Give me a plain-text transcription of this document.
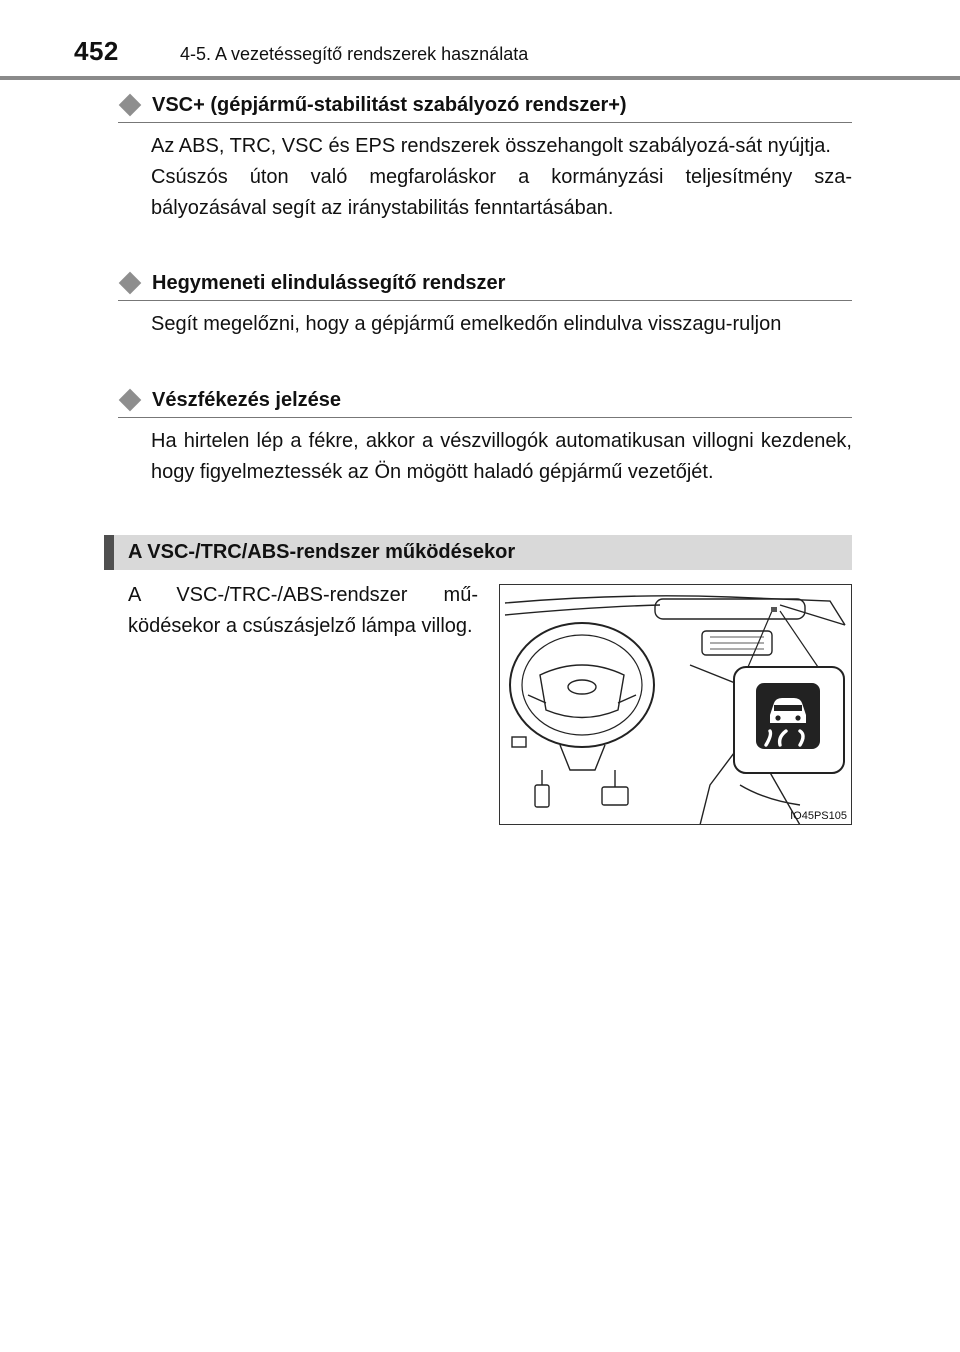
452	4-5. A vezetéssegítő rendszerek használata
VSC+ (gépjármű-stabilitást szabályozó rendszer+)

Az ABS, TRC, VSC és EPS rendszerek összehangolt szabályozá-sát nyújtja.

Csúszós úton való megfaroláskor a kormányzási teljesítmény sza-bályozásával segít az iránystabilitás fenntartásában.

Hegymeneti elindulássegítő rendszer

Segít megelőzni, hogy a gépjármű emelkedőn elindulva visszagu-ruljon

Vészfékezés jelzése

Ha hirtelen lép a fékre, akkor a vészvillogók automatikusan villogni kezdenek, hogy figyelmeztessék az Ön mögött haladó gépjármű vezetőjét.

A VSC-/TRC/ABS-rendszer működésekor
A VSC-/TRC-/ABS-rendszer mű-ködésekor a csúszásjelző lámpa villog.
IO45PS105
